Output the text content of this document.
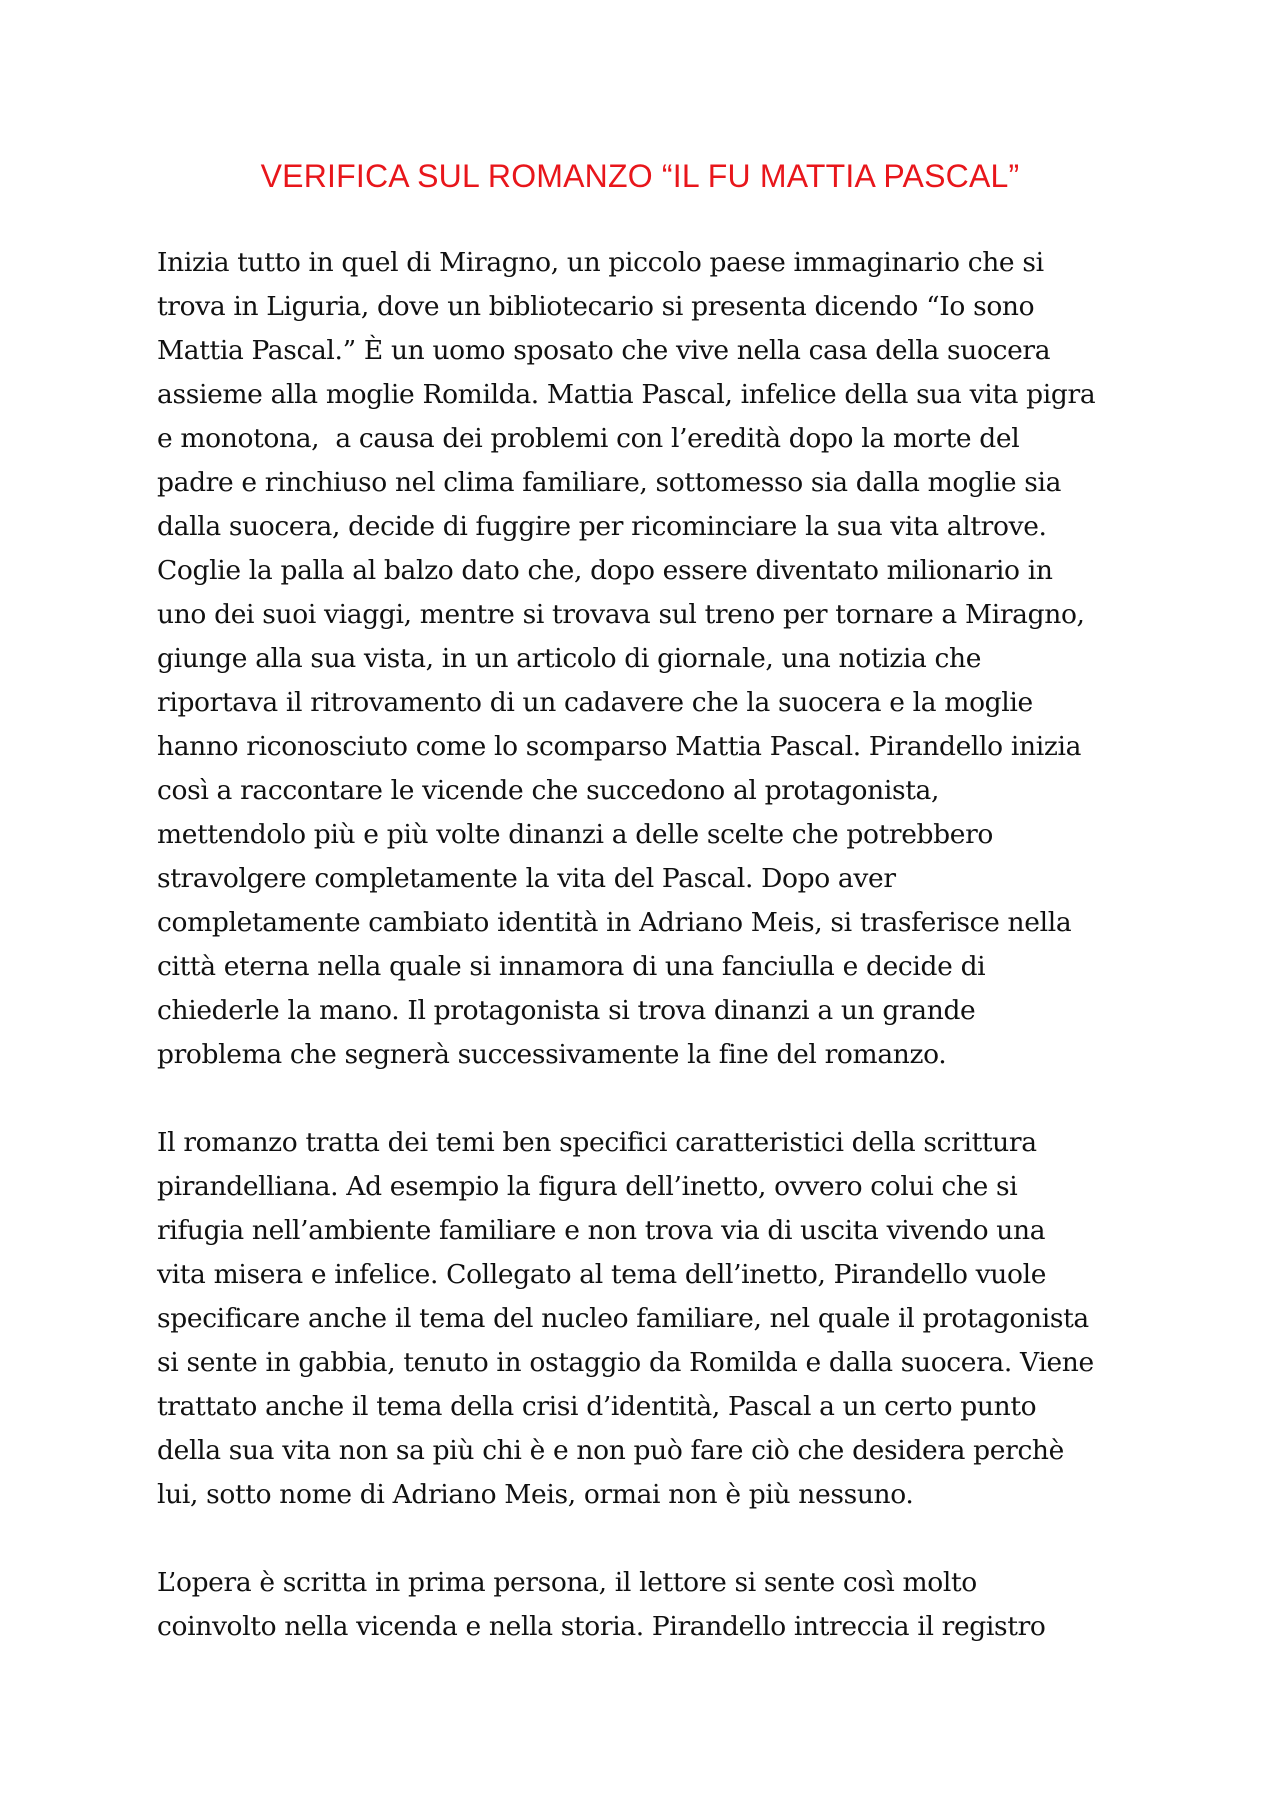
VERIFICA SUL ROMANZO “IL FU MATTIA PASCAL”
Inizia tutto in quel di Miragno, un piccolo paese immaginario che si
trova in Liguria, dove un bibliotecario si presenta dicendo “Io sono
Mattia Pascal.” È un uomo sposato che vive nella casa della suocera
assieme alla moglie Romilda. Mattia Pascal, infelice della sua vita pigra
e monotona,  a causa dei problemi con l’eredità dopo la morte del
padre e rinchiuso nel clima familiare, sottomesso sia dalla moglie sia
dalla suocera, decide di fuggire per ricominciare la sua vita altrove.
Coglie la palla al balzo dato che, dopo essere diventato milionario in
uno dei suoi viaggi, mentre si trovava sul treno per tornare a Miragno,
giunge alla sua vista, in un articolo di giornale, una notizia che
riportava il ritrovamento di un cadavere che la suocera e la moglie
hanno riconosciuto come lo scomparso Mattia Pascal. Pirandello inizia
così a raccontare le vicende che succedono al protagonista,
mettendolo più e più volte dinanzi a delle scelte che potrebbero
stravolgere completamente la vita del Pascal. Dopo aver
completamente cambiato identità in Adriano Meis, si trasferisce nella
città eterna nella quale si innamora di una fanciulla e decide di
chiederle la mano. Il protagonista si trova dinanzi a un grande
problema che segnerà successivamente la fine del romanzo.
Il romanzo tratta dei temi ben specifici caratteristici della scrittura
pirandelliana. Ad esempio la figura dell’inetto, ovvero colui che si
rifugia nell’ambiente familiare e non trova via di uscita vivendo una
vita misera e infelice. Collegato al tema dell’inetto, Pirandello vuole
specificare anche il tema del nucleo familiare, nel quale il protagonista
si sente in gabbia, tenuto in ostaggio da Romilda e dalla suocera. Viene
trattato anche il tema della crisi d’identità, Pascal a un certo punto
della sua vita non sa più chi è e non può fare ciò che desidera perchè
lui, sotto nome di Adriano Meis, ormai non è più nessuno.
L’opera è scritta in prima persona, il lettore si sente così molto
coinvolto nella vicenda e nella storia. Pirandello intreccia il registro
